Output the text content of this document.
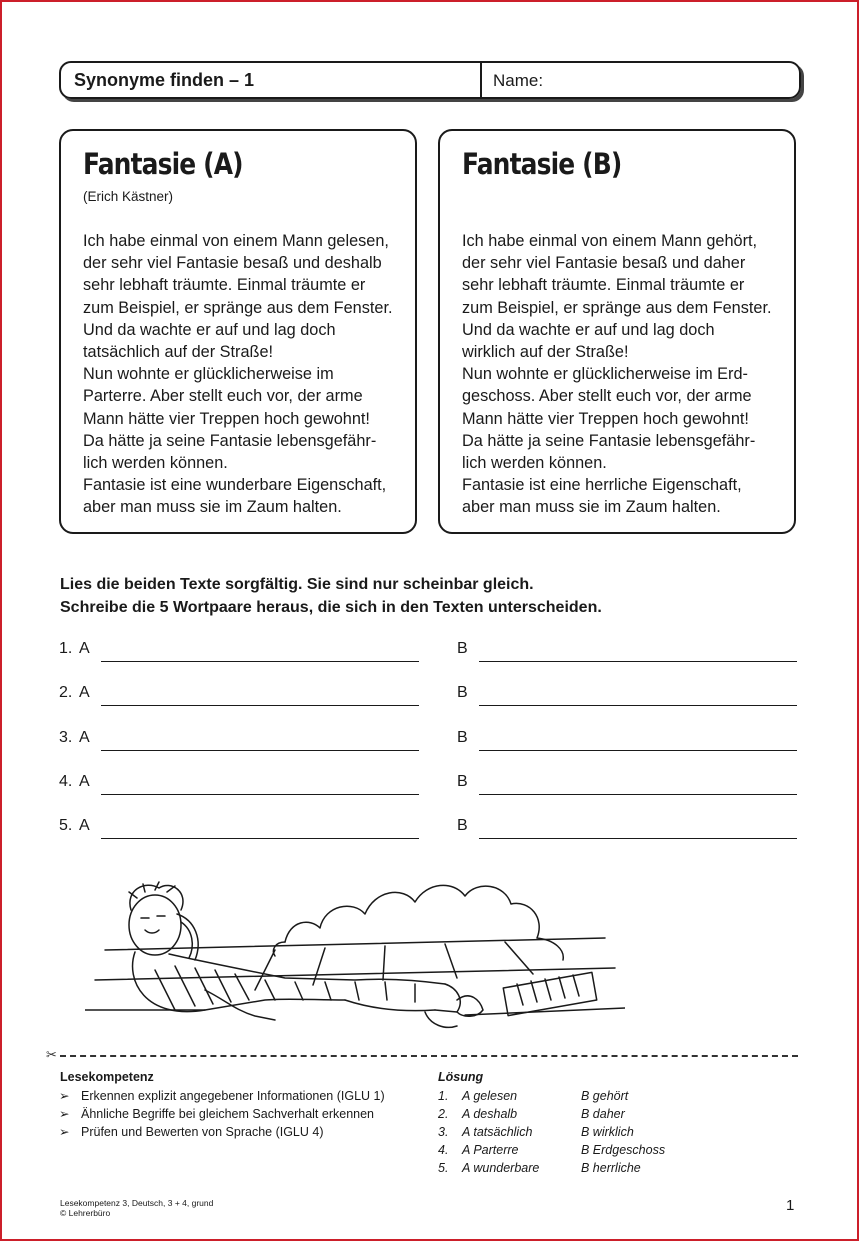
Synonyme finden – 1	Name:
Fantasie (A)
(Erich Kästner)
Ich habe einmal von einem Mann gelesen,
der sehr viel Fantasie besaß und deshalb
sehr lebhaft träumte. Einmal träumte er
zum Beispiel, er spränge aus dem Fenster.
Und da wachte er auf und lag doch
tatsächlich auf der Straße!
Nun wohnte er glücklicherweise im
Parterre. Aber stellt euch vor, der arme
Mann hätte vier Treppen hoch gewohnt!
Da hätte ja seine Fantasie lebensgefähr-
lich werden können.
Fantasie ist eine wunderbare Eigenschaft,
aber man muss sie im Zaum halten.
Fantasie (B)
Ich habe einmal von einem Mann gehört,
der sehr viel Fantasie besaß und daher
sehr lebhaft träumte. Einmal träumte er
zum Beispiel, er spränge aus dem Fenster.
Und da wachte er auf und lag doch
wirklich auf der Straße!
Nun wohnte er glücklicherweise im Erd-
geschoss. Aber stellt euch vor, der arme
Mann hätte vier Treppen hoch gewohnt!
Da hätte ja seine Fantasie lebensgefähr-
lich werden können.
Fantasie ist eine herrliche Eigenschaft,
aber man muss sie im Zaum halten.
Lies die beiden Texte sorgfältig. Sie sind nur scheinbar gleich.
Schreibe die 5 Wortpaare heraus, die sich in den Texten unterscheiden.
1. A	B
2. A	B
3. A	B
4. A	B
5. A	B
✂
Lesekompetenz
➢ Erkennen explizit angegebener Informationen (IGLU 1)
➢ Ähnliche Begriffe bei gleichem Sachverhalt erkennen
➢ Prüfen und Bewerten von Sprache (IGLU 4)
Lösung
1. A gelesen	B gehört
2. A deshalb	B daher
3. A tatsächlich	B wirklich
4. A Parterre	B Erdgeschoss
5. A wunderbare	B herrliche
Lesekompetenz 3, Deutsch, 3 + 4, grund
© Lehrerbüro	1
